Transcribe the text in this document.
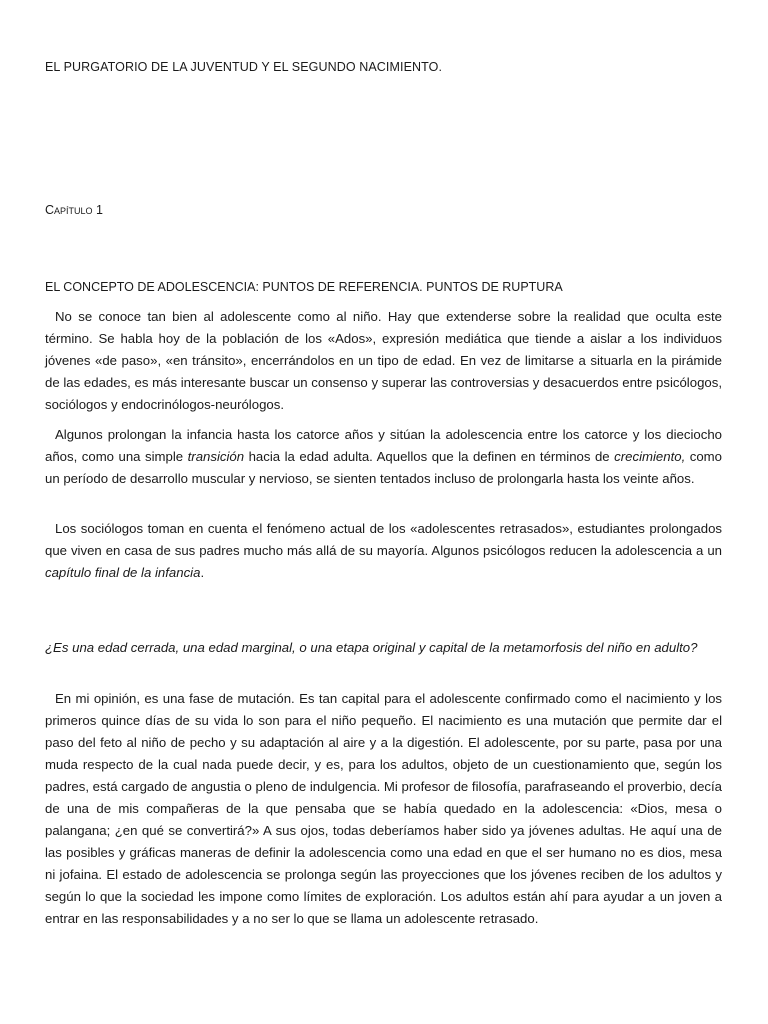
EL PURGATORIO DE LA JUVENTUD Y EL SEGUNDO NACIMIENTO.
Capítulo 1
EL CONCEPTO DE ADOLESCENCIA: PUNTOS DE REFERENCIA. PUNTOS DE RUPTURA

No se conoce tan bien al adolescente como al niño. Hay que extenderse sobre la realidad que oculta este término. Se habla hoy de la población de los «Ados», expresión mediática que tiende a aislar a los individuos jóvenes «de paso», «en tránsito», encerrándolos en un tipo de edad. En vez de limitarse a situarla en la pirámide de las edades, es más interesante buscar un consenso y superar las controversias y desacuerdos entre psicólogos, sociólogos y endocrinólogos-neurólogos.

Algunos prolongan la infancia hasta los catorce años y sitúan la adolescencia entre los catorce y los dieciocho años, como una simple transición hacia la edad adulta. Aquellos que la definen en términos de crecimiento, como un período de desarrollo muscular y nervioso, se sienten tentados incluso de prolongarla hasta los veinte años.

Los sociólogos toman en cuenta el fenómeno actual de los «adolescentes retrasados», estudiantes prolongados que viven en casa de sus padres mucho más allá de su mayoría. Algunos psicólogos reducen la adolescencia a un capítulo final de la infancia.

¿Es una edad cerrada, una edad marginal, o una etapa original y capital de la metamorfosis del niño en adulto?

En mi opinión, es una fase de mutación. Es tan capital para el adolescente confirmado como el nacimiento y los primeros quince días de su vida lo son para el niño pequeño. El nacimiento es una mutación que permite dar el paso del feto al niño de pecho y su adaptación al aire y a la digestión. El adolescente, por su parte, pasa por una muda respecto de la cual nada puede decir, y es, para los adultos, objeto de un cuestionamiento que, según los padres, está cargado de angustia o pleno de indulgencia. Mi profesor de filosofía, parafraseando el proverbio, decía de una de mis compañeras de la que pensaba que se había quedado en la adolescencia: «Dios, mesa o palangana; ¿en qué se convertirá?» A sus ojos, todas deberíamos haber sido ya jóvenes adultas. He aquí una de las posibles y gráficas maneras de definir la adolescencia como una edad en que el ser humano no es dios, mesa ni jofaina. El estado de adolescencia se prolonga según las proyecciones que los jóvenes reciben de los adultos y según lo que la sociedad les impone como límites de exploración. Los adultos están ahí para ayudar a un joven a entrar en las responsabilidades y a no ser lo que se llama un adolescente retrasado.
